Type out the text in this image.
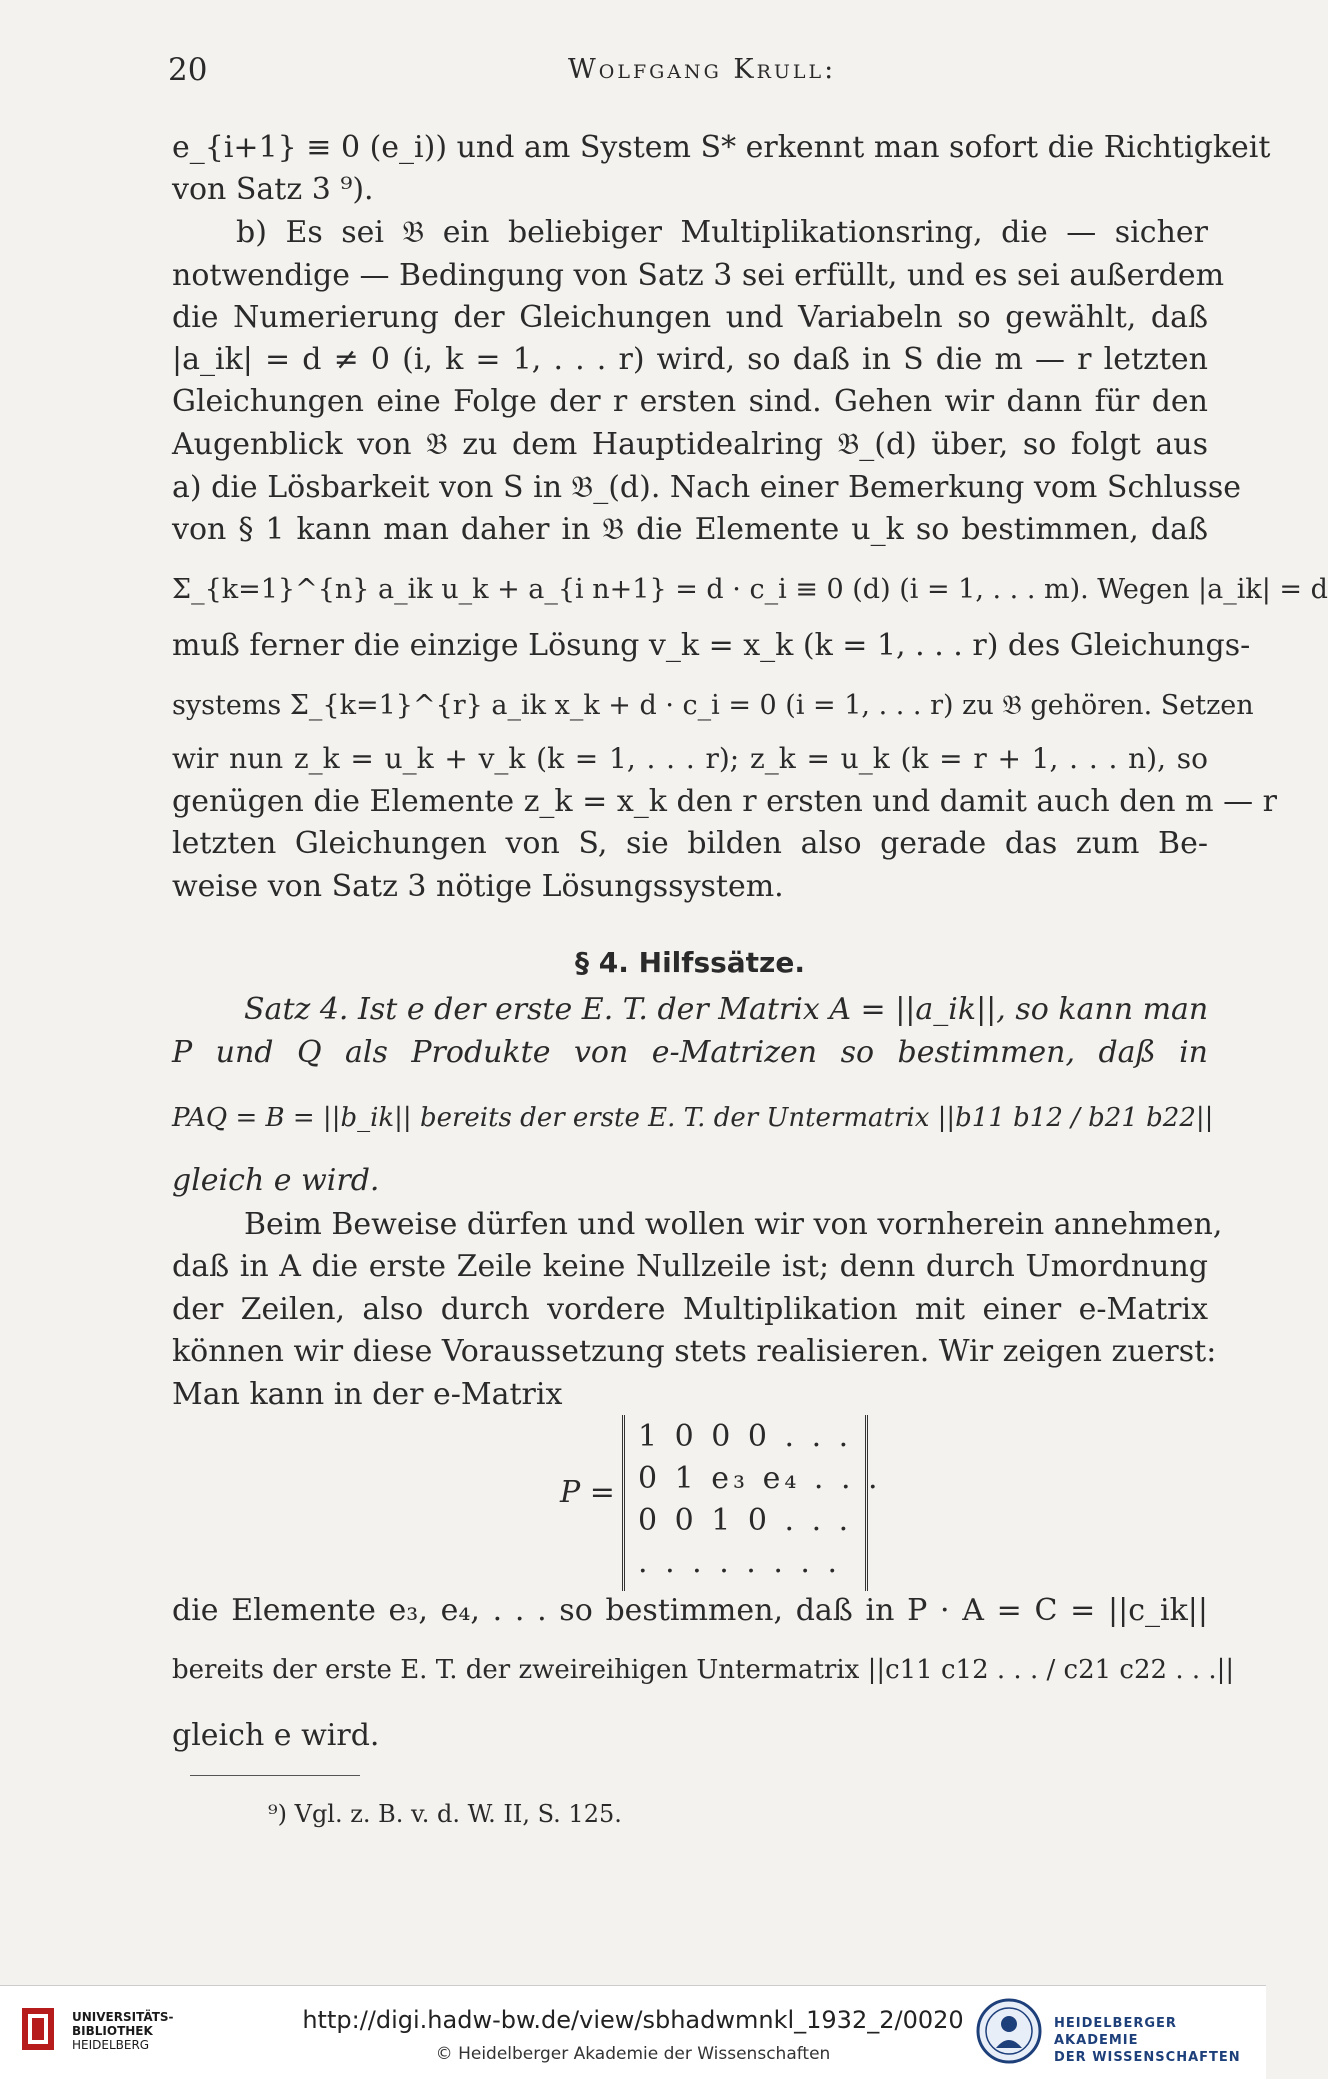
20	Wolfgang Krull:
e_{i+1} ≡ 0 (e_i)) und am System S* erkennt man sofort die Richtigkeit
von Satz 3 ⁹).
b) Es sei 𝔅 ein beliebiger Multiplikationsring, die — sicher
notwendige — Bedingung von Satz 3 sei erfüllt, und es sei außerdem
die Numerierung der Gleichungen und Variabeln so gewählt, daß
|a_ik| = d ≠ 0 (i, k = 1, . . . r) wird, so daß in S die m — r letzten
Gleichungen eine Folge der r ersten sind. Gehen wir dann für den
Augenblick von 𝔅 zu dem Hauptidealring 𝔅_(d) über, so folgt aus
a) die Lösbarkeit von S in 𝔅_(d). Nach einer Bemerkung vom Schlusse
von § 1 kann man daher in 𝔅 die Elemente u_k so bestimmen, daß
Σ_{k=1}^{n} a_ik u_k + a_{i n+1} = d · c_i ≡ 0 (d) (i = 1, . . . m). Wegen |a_ik| = d
muß ferner die einzige Lösung v_k = x_k (k = 1, . . . r) des Gleichungs-
systems Σ_{k=1}^{r} a_ik x_k + d · c_i = 0 (i = 1, . . . r) zu 𝔅 gehören. Setzen
wir nun z_k = u_k + v_k (k = 1, . . . r); z_k = u_k (k = r + 1, . . . n), so
genügen die Elemente z_k = x_k den r ersten und damit auch den m — r
letzten Gleichungen von S, sie bilden also gerade das zum Be-
weise von Satz 3 nötige Lösungssystem.
§ 4. Hilfssätze.
Satz 4. Ist e der erste E. T. der Matrix A = ||a_ik||, so kann man
P und Q als Produkte von e-Matrizen so bestimmen, daß in
PAQ = B = ||b_ik|| bereits der erste E. T. der Untermatrix ||b11 b12 / b21 b22||
gleich e wird.
Beim Beweise dürfen und wollen wir von vornherein annehmen,
daß in A die erste Zeile keine Nullzeile ist; denn durch Umordnung
der Zeilen, also durch vordere Multiplikation mit einer e-Matrix
können wir diese Voraussetzung stets realisieren. Wir zeigen zuerst:
Man kann in der e-Matrix
P =
1 0 0 0 . . .
0 1 e₃ e₄ . . .
0 0 1 0 . . .
. . . . . . . .
die Elemente e₃, e₄, . . . so bestimmen, daß in P · A = C = ||c_ik||
bereits der erste E. T. der zweireihigen Untermatrix ||c11 c12 . . . / c21 c22 . . .||
gleich e wird.
⁹) Vgl. z. B. v. d. W. II, S. 125.
UNIVERSITÄTS-
BIBLIOTHEK
HEIDELBERG
http://digi.hadw-bw.de/view/sbhadwmnkl_1932_2/0020
© Heidelberger Akademie der Wissenschaften
HEIDELBERGER AKADEMIE
DER WISSENSCHAFTEN
